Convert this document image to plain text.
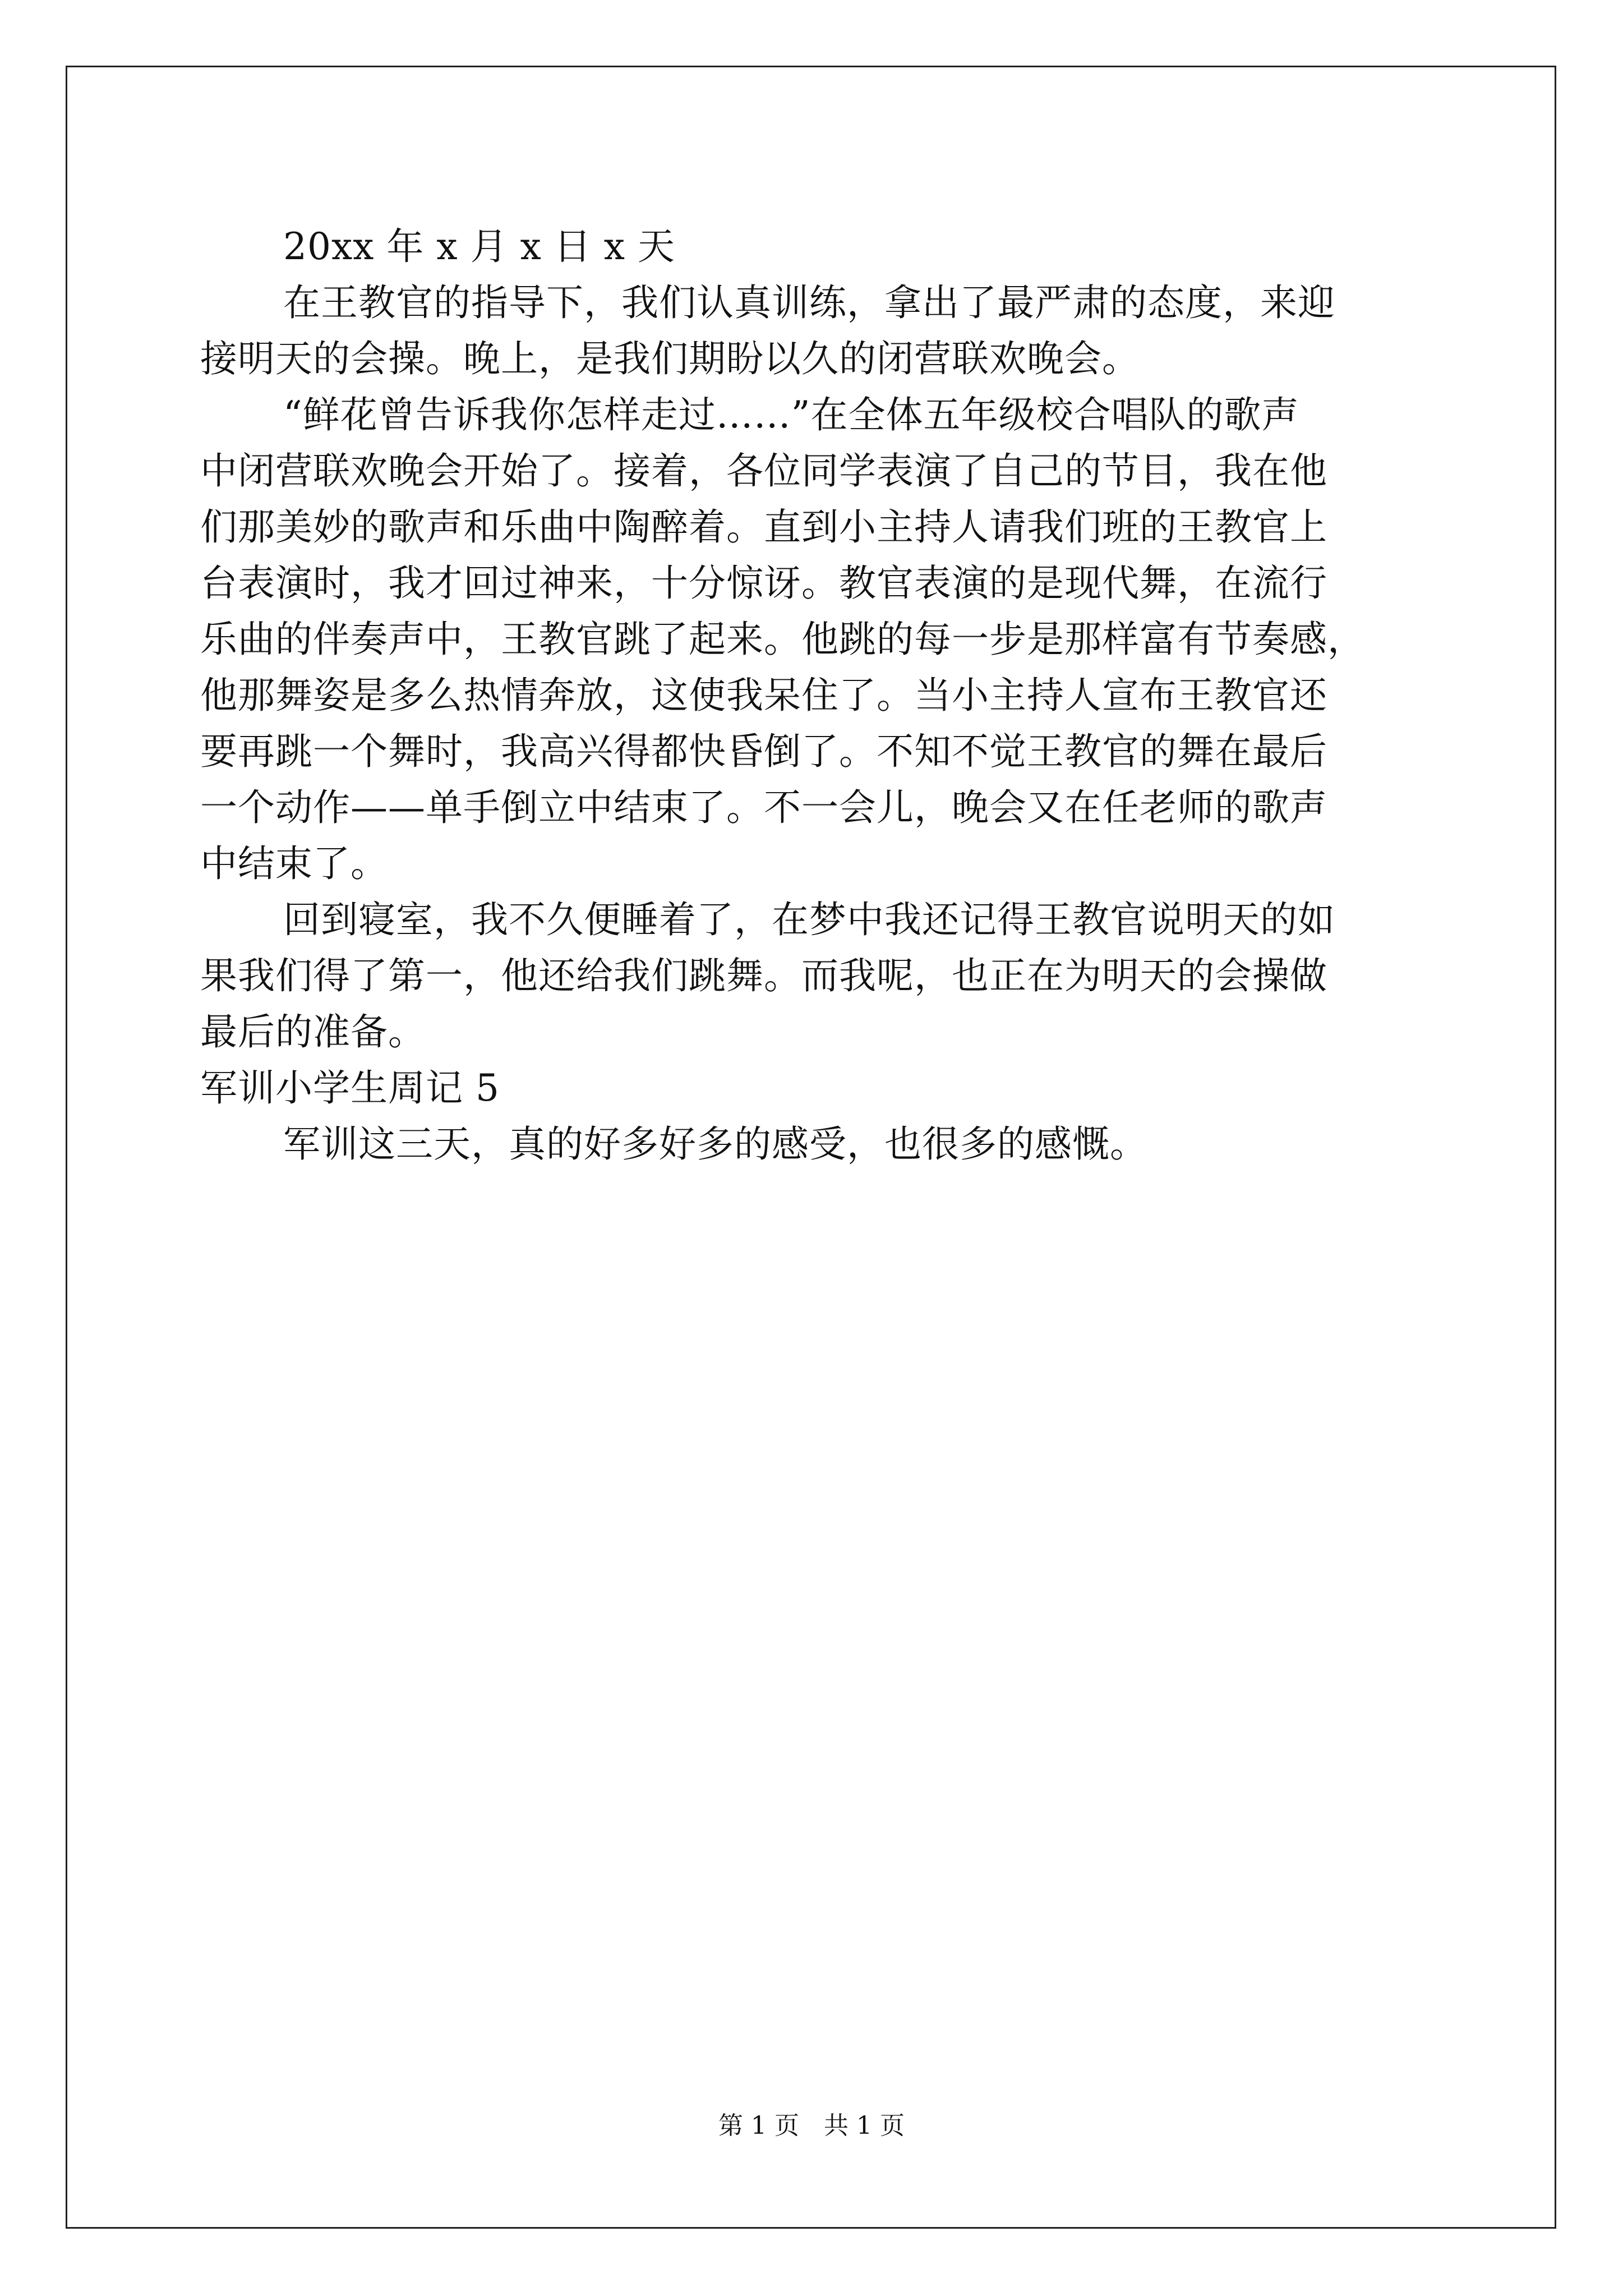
20xx 年 x 月 x 日 x 天
在王教官的指导下，我们认真训练，拿出了最严肃的态度，来迎
接明天的会操。晚上，是我们期盼以久的闭营联欢晚会。
“鲜花曾告诉我你怎样走过……”在全体五年级校合唱队的歌声
中闭营联欢晚会开始了。接着，各位同学表演了自己的节目，我在他
们那美妙的歌声和乐曲中陶醉着。直到小主持人请我们班的王教官上
台表演时，我才回过神来，十分惊讶。教官表演的是现代舞，在流行
乐曲的伴奏声中，王教官跳了起来。他跳的每一步是那样富有节奏感，
他那舞姿是多么热情奔放，这使我呆住了。当小主持人宣布王教官还
要再跳一个舞时，我高兴得都快昏倒了。不知不觉王教官的舞在最后
一个动作——单手倒立中结束了。不一会儿，晚会又在任老师的歌声
中结束了。
回到寝室，我不久便睡着了，在梦中我还记得王教官说明天的如
果我们得了第一，他还给我们跳舞。而我呢，也正在为明天的会操做
最后的准备。
军训小学生周记 5
军训这三天，真的好多好多的感受，也很多的感慨。
第 1 页 共 1 页
